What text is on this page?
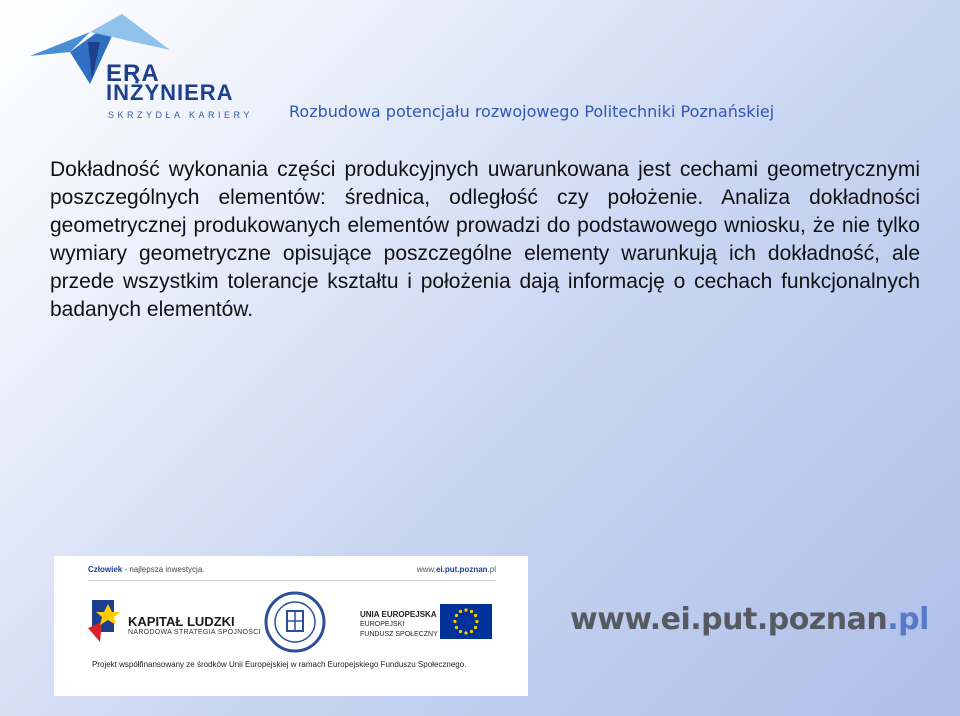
ERA
INŻYNIERA
SKRZYDŁA KARIERY Rozbudowa potencjału rozwojowego Politechniki Poznańskiej

Dokładność wykonania części produkcyjnych uwarunkowana jest cechami geometrycznymi poszczególnych elementów: średnica, odległość czy położenie. Analiza dokładności geometrycznej produkowanych elementów prowadzi do podstawowego wniosku, że nie tylko wymiary geometryczne opisujące poszczególne elementy warunkują ich dokładność, ale przede wszystkim tolerancje kształtu i położenia dają informację o cechach funkcjonalnych badanych elementów.

Człowiek - najlepsza inwestycja.	www.ei.put.poznan.pl
KAPITAŁ LUDZKI
NARODOWA STRATEGIA SPÓJNOŚCI
UNIA EUROPEJSKA
EUROPEJSKI
FUNDUSZ SPOŁECZNY
Projekt współfinansowany ze środków Unii Europejskiej w ramach Europejskiego Funduszu Społecznego.
www.ei.put.poznan.pl
